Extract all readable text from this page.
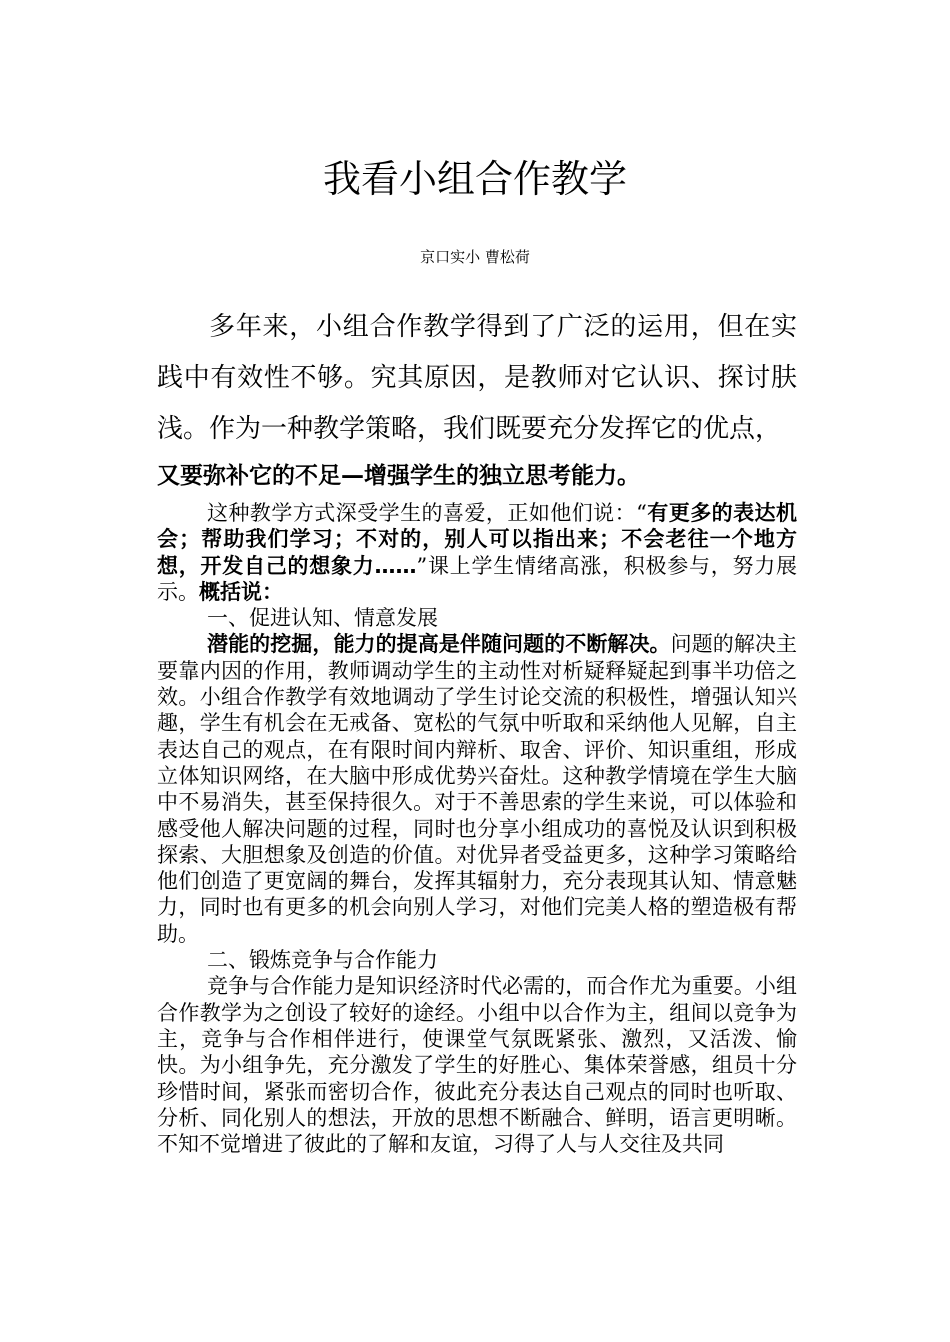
我看小组合作教学
京口实小 曹松荷

多年来，小组合作教学得到了广泛的运用，但在实践中有效性不够。究其原因，是教师对它认识、探讨肤浅。作为一种教学策略，我们既要充分发挥它的优点，

又要弥补它的不足—增强学生的独立思考能力。

这种教学方式深受学生的喜爱，正如他们说：“有更多的表达机会；帮助我们学习；不对的，别人可以指出来；不会老往一个地方想，开发自己的想象力……”课上学生情绪高涨，积极参与，努力展示。概括说：

一、促进认知、情意发展

潜能的挖掘，能力的提高是伴随问题的不断解决。问题的解决主要靠内因的作用，教师调动学生的主动性对析疑释疑起到事半功倍之效。小组合作教学有效地调动了学生讨论交流的积极性，增强认知兴趣，学生有机会在无戒备、宽松的气氛中听取和采纳他人见解，自主表达自己的观点，在有限时间内辩析、取舍、评价、知识重组，形成立体知识网络，在大脑中形成优势兴奋灶。这种教学情境在学生大脑中不易消失，甚至保持很久。对于不善思索的学生来说，可以体验和感受他人解决问题的过程，同时也分享小组成功的喜悦及认识到积极探索、大胆想象及创造的价值。对优异者受益更多，这种学习策略给他们创造了更宽阔的舞台，发挥其辐射力，充分表现其认知、情意魅力，同时也有更多的机会向别人学习，对他们完美人格的塑造极有帮助。

二、锻炼竞争与合作能力

竞争与合作能力是知识经济时代必需的，而合作尤为重要。小组合作教学为之创设了较好的途经。小组中以合作为主，组间以竞争为主，竞争与合作相伴进行，使课堂气氛既紧张、激烈，又活泼、愉快。为小组争先，充分激发了学生的好胜心、集体荣誉感，组员十分珍惜时间，紧张而密切合作，彼此充分表达自己观点的同时也听取、分析、同化别人的想法，开放的思想不断融合、鲜明，语言更明晰。不知不觉增进了彼此的了解和友谊，习得了人与人交往及共同
